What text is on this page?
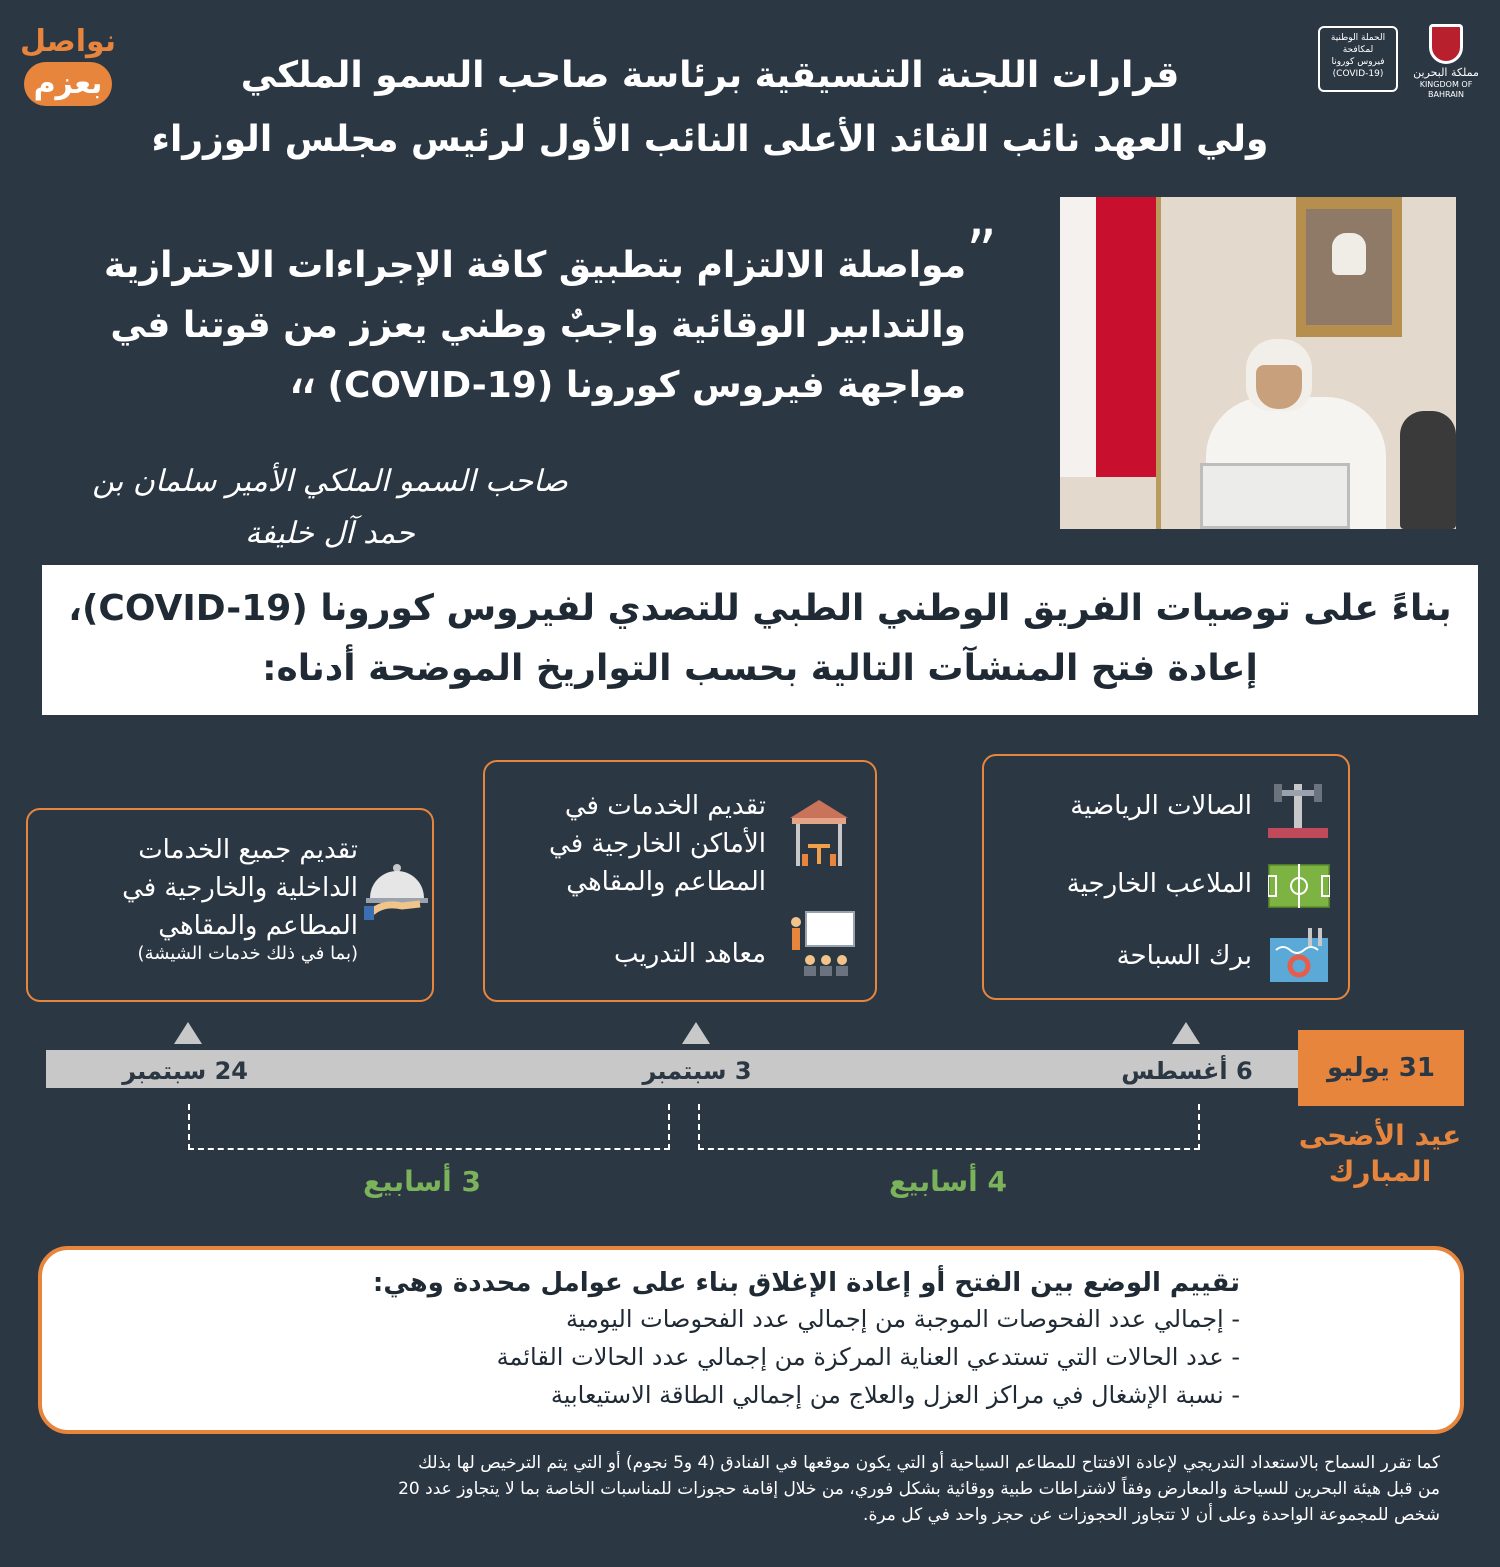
نواصل
بعزم	قرارات اللجنة التنسيقية برئاسة صاحب السمو الملكي
ولي العهد نائب القائد الأعلى النائب الأول لرئيس مجلس الوزراء
الحملة الوطنية
لمكافحة
فيروس كورونا
(COVID-19)	مملكة البحرين
KINGDOM OF BAHRAIN
”
مواصلة الالتزام بتطبيق كافة الإجراءات الاحترازية
والتدابير الوقائية واجبٌ وطني يعزز من قوتنا في
مواجهة فيروس كورونا (COVID-19)
“
صاحب السمو الملكي الأمير سلمان بن حمد آل خليفة
بناءً على توصيات الفريق الوطني الطبي للتصدي لفيروس كورونا (COVID-19)،
إعادة فتح المنشآت التالية بحسب التواريخ الموضحة أدناه:
الصالات الرياضية
الملاعب الخارجية
برك السباحة
تقديم الخدمات في
الأماكن الخارجية في
المطاعم والمقاهي
معاهد التدريب
تقديم جميع الخدمات
الداخلية والخارجية في
المطاعم والمقاهي
(بما في ذلك خدمات الشيشة)
6 أغسطس
3 سبتمبر
24 سبتمبر	31 يوليو
عيد الأضحى
المبارك
4 أسابيع
3 أسابيع
تقييم الوضع بين الفتح أو إعادة الإغلاق بناء على عوامل محددة وهي:
- إجمالي عدد الفحوصات الموجبة من إجمالي عدد الفحوصات اليومية
- عدد الحالات التي تستدعي العناية المركزة من إجمالي عدد الحالات القائمة
- نسبة الإشغال في مراكز العزل والعلاج من إجمالي الطاقة الاستيعابية
كما تقرر السماح بالاستعداد التدريجي لإعادة الافتتاح للمطاعم السياحية أو التي يكون موقعها في الفنادق (4 و5 نجوم) أو التي يتم الترخيص لها بذلك
من قبل هيئة البحرين للسياحة والمعارض وفقاً لاشتراطات طبية ووقائية بشكل فوري، من خلال إقامة حجوزات للمناسبات الخاصة بما لا يتجاوز عدد 20
شخص للمجموعة الواحدة وعلى أن لا تتجاوز الحجوزات عن حجز واحد في كل مرة.
